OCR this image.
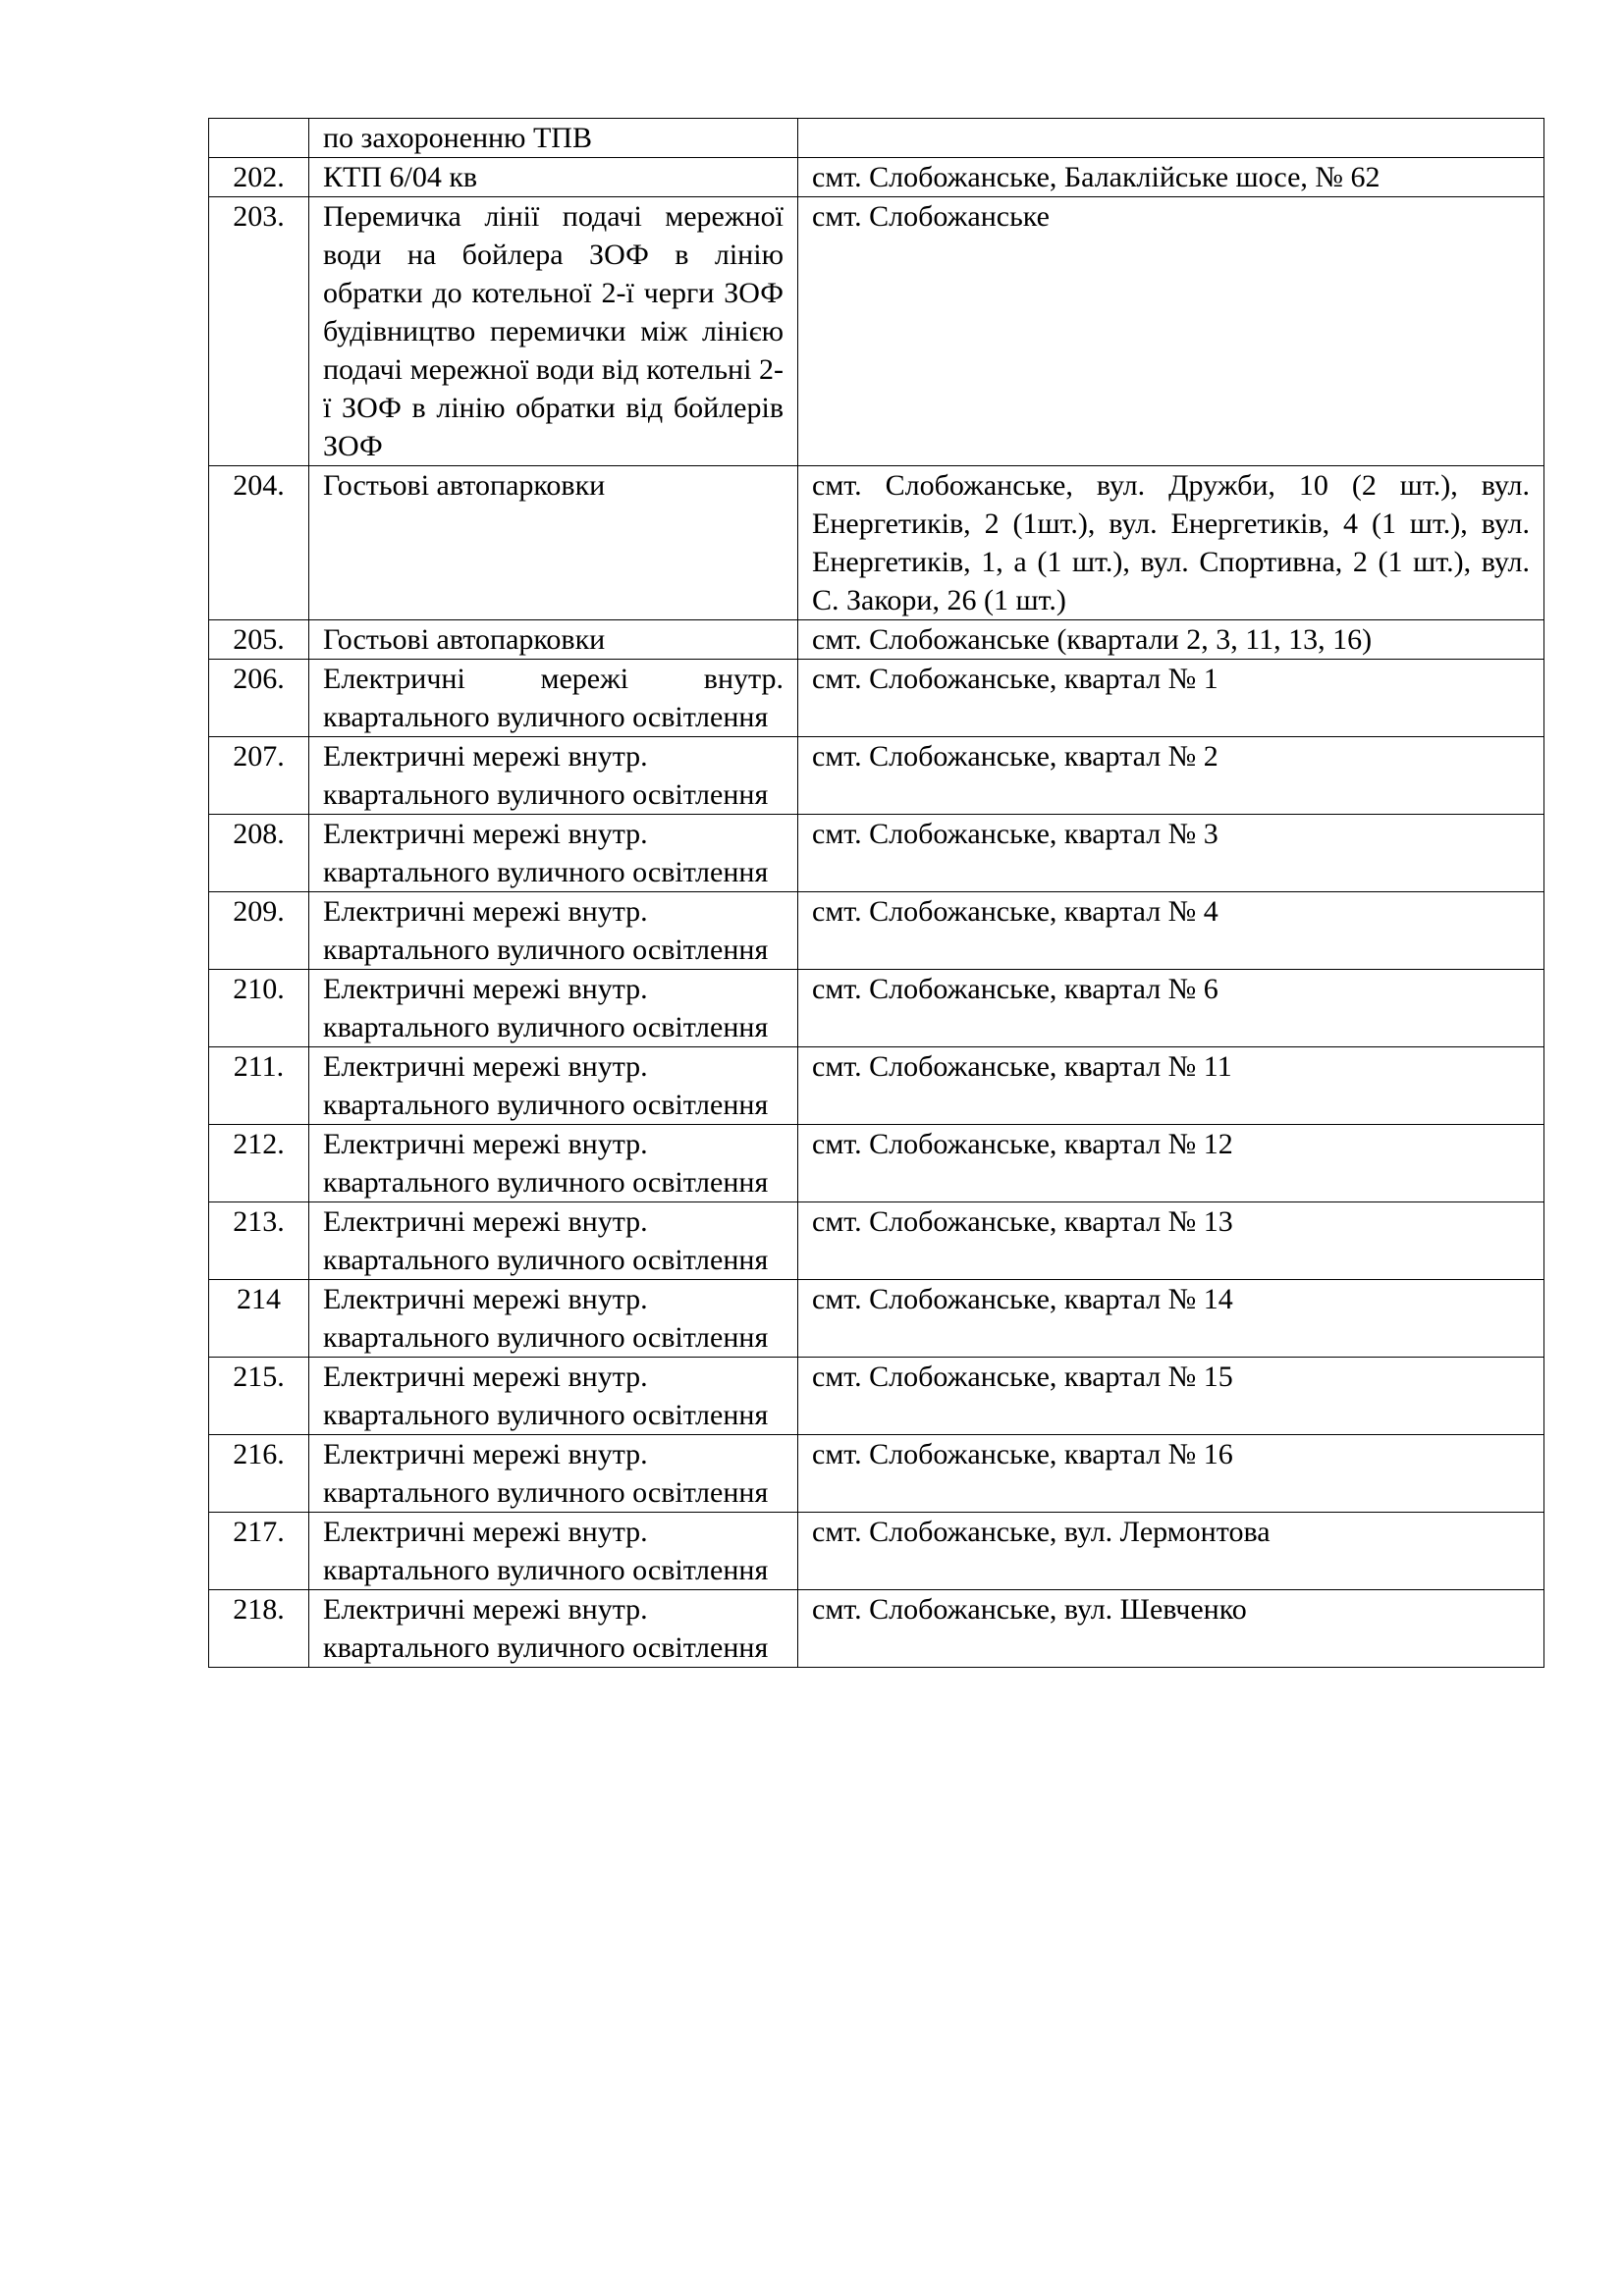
	по захороненню ТПВ	
202.	КТП 6/04 кв	смт. Слобожанське, Балаклійське шосе, № 62
203.	Перемичка лінії подачі мережної води на бойлера ЗОФ в лінію обратки до котельної 2-ї черги ЗОФ будівництво перемички між лінією подачі мережної води від котельні 2-ї ЗОФ в лінію обратки від бойлерів ЗОФ	смт. Слобожанське
204.	Гостьові автопарковки	смт. Слобожанське, вул. Дружби, 10 (2 шт.), вул. Енергетиків, 2 (1шт.), вул. Енергетиків, 4 (1 шт.), вул. Енергетиків, 1, а (1 шт.), вул. Спортивна, 2 (1 шт.), вул. С. Закори, 26 (1 шт.)
205.	Гостьові автопарковки	смт. Слобожанське (квартали 2, 3, 11, 13, 16)
206.	Електричні мережі внутр. квартального вуличного освітлення	смт. Слобожанське, квартал № 1
207.	Електричні мережі внутр. квартального вуличного освітлення	смт. Слобожанське, квартал № 2
208.	Електричні мережі внутр. квартального вуличного освітлення	смт. Слобожанське, квартал № 3
209.	Електричні мережі внутр. квартального вуличного освітлення	смт. Слобожанське, квартал № 4
210.	Електричні мережі внутр. квартального вуличного освітлення	смт. Слобожанське, квартал № 6
211.	Електричні мережі внутр. квартального вуличного освітлення	смт. Слобожанське, квартал № 11
212.	Електричні мережі внутр. квартального вуличного освітлення	смт. Слобожанське, квартал № 12
213.	Електричні мережі внутр. квартального вуличного освітлення	смт. Слобожанське, квартал № 13
214	Електричні мережі внутр. квартального вуличного освітлення	смт. Слобожанське, квартал № 14
215.	Електричні мережі внутр. квартального вуличного освітлення	смт. Слобожанське, квартал № 15
216.	Електричні мережі внутр. квартального вуличного освітлення	смт. Слобожанське, квартал № 16
217.	Електричні мережі внутр. квартального вуличного освітлення	смт. Слобожанське, вул. Лермонтова
218.	Електричні мережі внутр. квартального вуличного освітлення	смт. Слобожанське, вул. Шевченко
